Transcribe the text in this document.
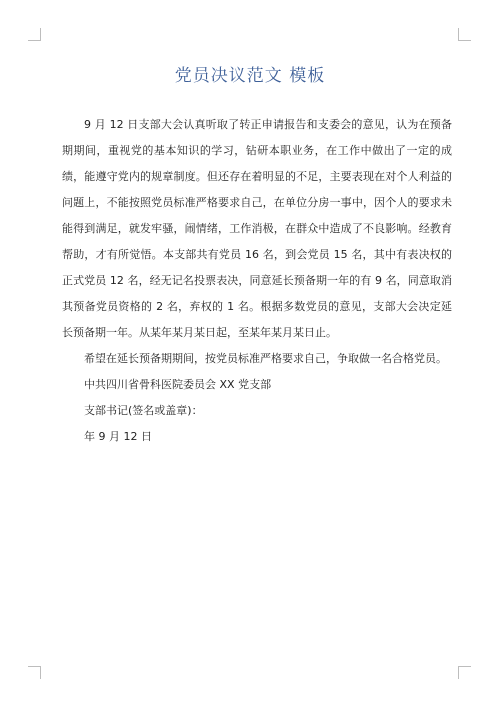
党员决议范文 模板

9 月 12 日支部大会认真听取了转正申请报告和支委会的意见，认为在预备期期间，重视党的基本知识的学习，钻研本职业务，在工作中做出了一定的成绩，能遵守党内的规章制度。但还存在着明显的不足，主要表现在对个人利益的问题上，不能按照党员标准严格要求自己，在单位分房一事中，因个人的要求未能得到满足，就发牢骚，闹情绪，工作消极，在群众中造成了不良影响。经教育帮助，才有所觉悟。本支部共有党员 16 名，到会党员 15 名，其中有表决权的正式党员 12 名，经无记名投票表决，同意延长预备期一年的有 9 名，同意取消其预备党员资格的 2 名，弃权的 1 名。根据多数党员的意见，支部大会决定延长预备期一年。从某年某月某日起，至某年某月某日止。

希望在延长预备期期间，按党员标准严格要求自己，争取做一名合格党员。

中共四川省骨科医院委员会 XX 党支部

支部书记(签名或盖章)：

年 9 月 12 日
